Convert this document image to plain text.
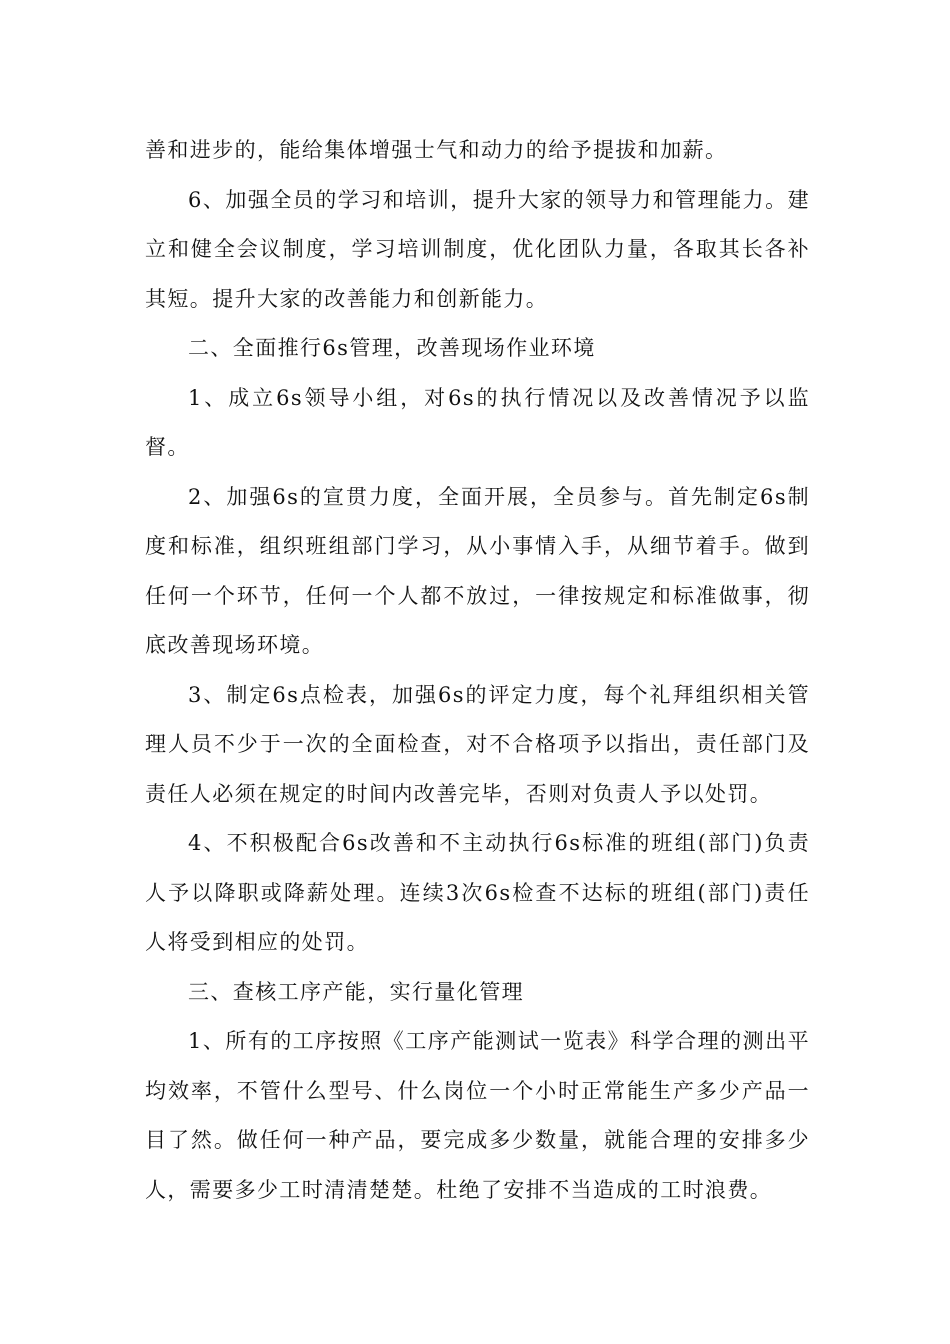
善和进步的，能给集体增强士气和动力的给予提拔和加薪。

6、加强全员的学习和培训，提升大家的领导力和管理能力。建立和健全会议制度，学习培训制度，优化团队力量，各取其长各补其短。提升大家的改善能力和创新能力。

二、全面推行6s管理，改善现场作业环境

1、成立6s领导小组，对6s的执行情况以及改善情况予以监督。

2、加强6s的宣贯力度，全面开展，全员参与。首先制定6s制度和标准，组织班组部门学习，从小事情入手，从细节着手。做到任何一个环节，任何一个人都不放过，一律按规定和标准做事，彻底改善现场环境。

3、制定6s点检表，加强6s的评定力度，每个礼拜组织相关管理人员不少于一次的全面检查，对不合格项予以指出，责任部门及责任人必须在规定的时间内改善完毕，否则对负责人予以处罚。

4、不积极配合6s改善和不主动执行6s标准的班组(部门)负责人予以降职或降薪处理。连续3次6s检查不达标的班组(部门)责任人将受到相应的处罚。

三、查核工序产能，实行量化管理

1、所有的工序按照《工序产能测试一览表》科学合理的测出平均效率，不管什么型号、什么岗位一个小时正常能生产多少产品一目了然。做任何一种产品，要完成多少数量，就能合理的安排多少人，需要多少工时清清楚楚。杜绝了安排不当造成的工时浪费。
